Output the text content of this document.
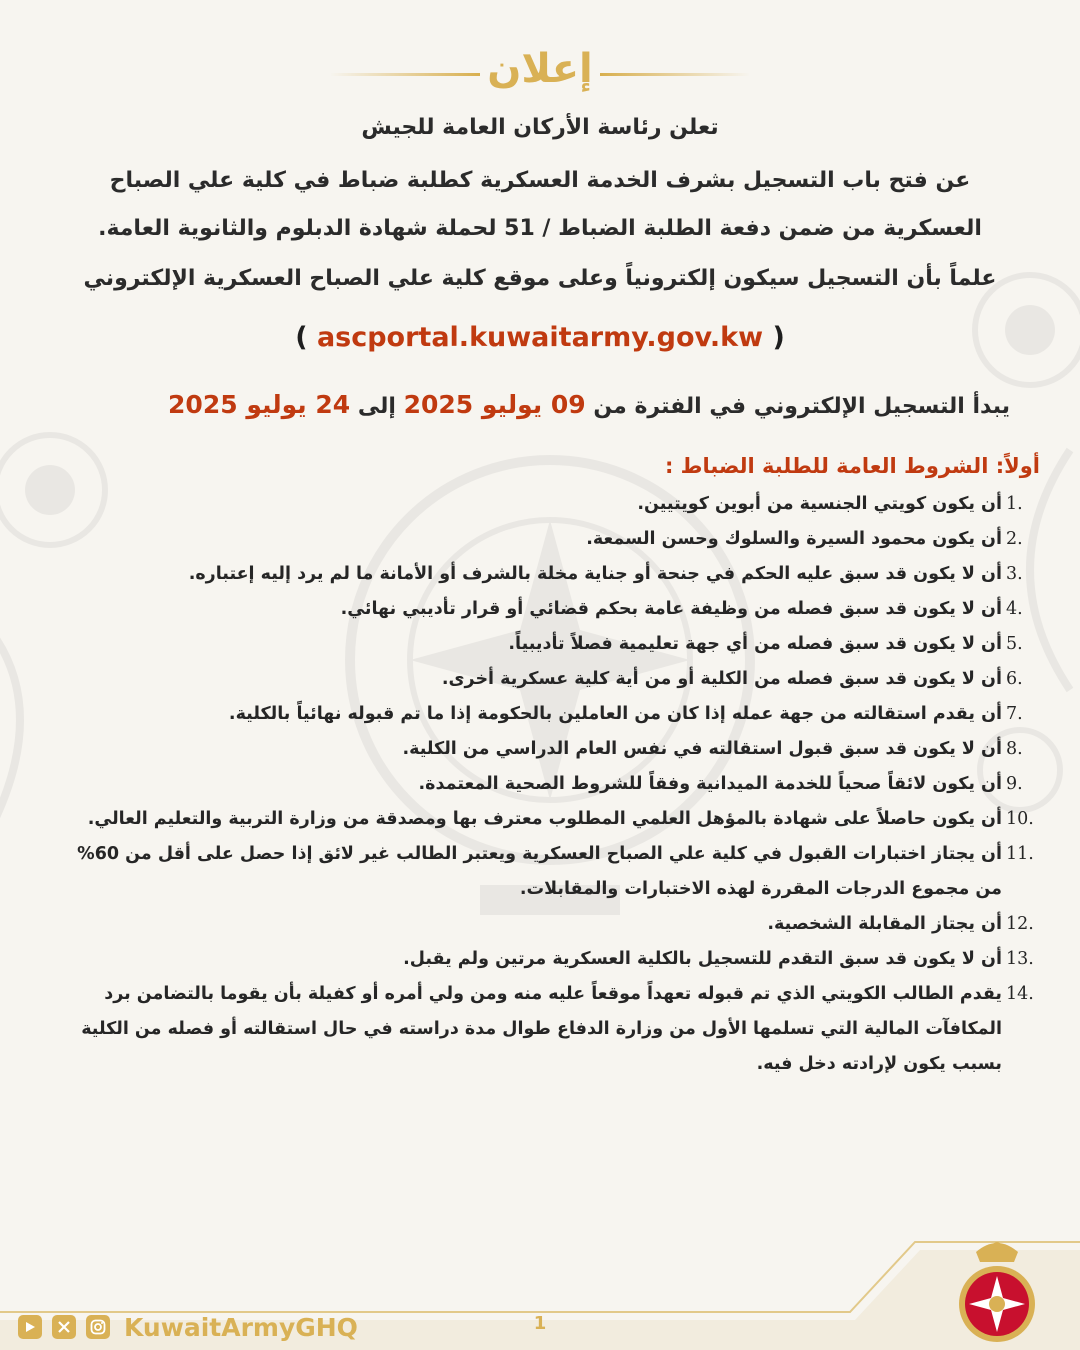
إعلان
تعلن رئاسة الأركان العامة للجيش
عن فتح باب التسجيل بشرف الخدمة العسكرية كطلبة ضباط في كلية علي الصباح
العسكرية من ضمن دفعة الطلبة الضباط / 51 لحملة شهادة الدبلوم والثانوية العامة.
علماً بأن التسجيل سيكون إلكترونياً وعلى موقع كلية علي الصباح العسكرية الإلكتروني
( ascportal.kuwaitarmy.gov.kw )
يبدأ التسجيل الإلكتروني في الفترة من 09 يوليو 2025 إلى 24 يوليو 2025
أولاً: الشروط العامة للطلبة الضباط :
1.
أن يكون كويتي الجنسية من أبوين كويتيين.
2.
أن يكون محمود السيرة والسلوك وحسن السمعة.
3.
أن لا يكون قد سبق عليه الحكم في جنحة أو جناية مخلة بالشرف أو الأمانة ما لم يرد إليه إعتباره.
4.
أن لا يكون قد سبق فصله من وظيفة عامة بحكم قضائي أو قرار تأديبي نهائي.
5.
أن لا يكون قد سبق فصله من أي جهة تعليمية فصلاً تأديبياً.
6.
أن لا يكون قد سبق فصله من الكلية أو من أية كلية عسكرية أخرى.
7.
أن يقدم استقالته من جهة عمله إذا كان من العاملين بالحكومة إذا ما تم قبوله نهائياً بالكلية.
8.
أن لا يكون قد سبق قبول استقالته في نفس العام الدراسي من الكلية.
9.
أن يكون لائقاً صحياً للخدمة الميدانية وفقاً للشروط الصحية المعتمدة.
10.
أن يكون حاصلاً على شهادة بالمؤهل العلمي المطلوب معترف بها ومصدقة من وزارة التربية والتعليم العالي.
11.
أن يجتاز اختبارات القبول في كلية علي الصباح العسكرية ويعتبر الطالب غير لائق إذا حصل على أقل من 60% من مجموع الدرجات المقررة لهذه الاختبارات والمقابلات.
12.
أن يجتاز المقابلة الشخصية.
13.
أن لا يكون قد سبق التقدم للتسجيل بالكلية العسكرية مرتين ولم يقبل.
14.
يقدم الطالب الكويتي الذي تم قبوله تعهداً موقعاً عليه منه ومن ولي أمره أو كفيلة بأن يقوما بالتضامن برد المكافآت المالية التي تسلمها الأول من وزارة الدفاع طوال مدة دراسته في حال استقالته أو فصله من الكلية بسبب يكون لإرادته دخل فيه.
KuwaitArmyGHQ	1
